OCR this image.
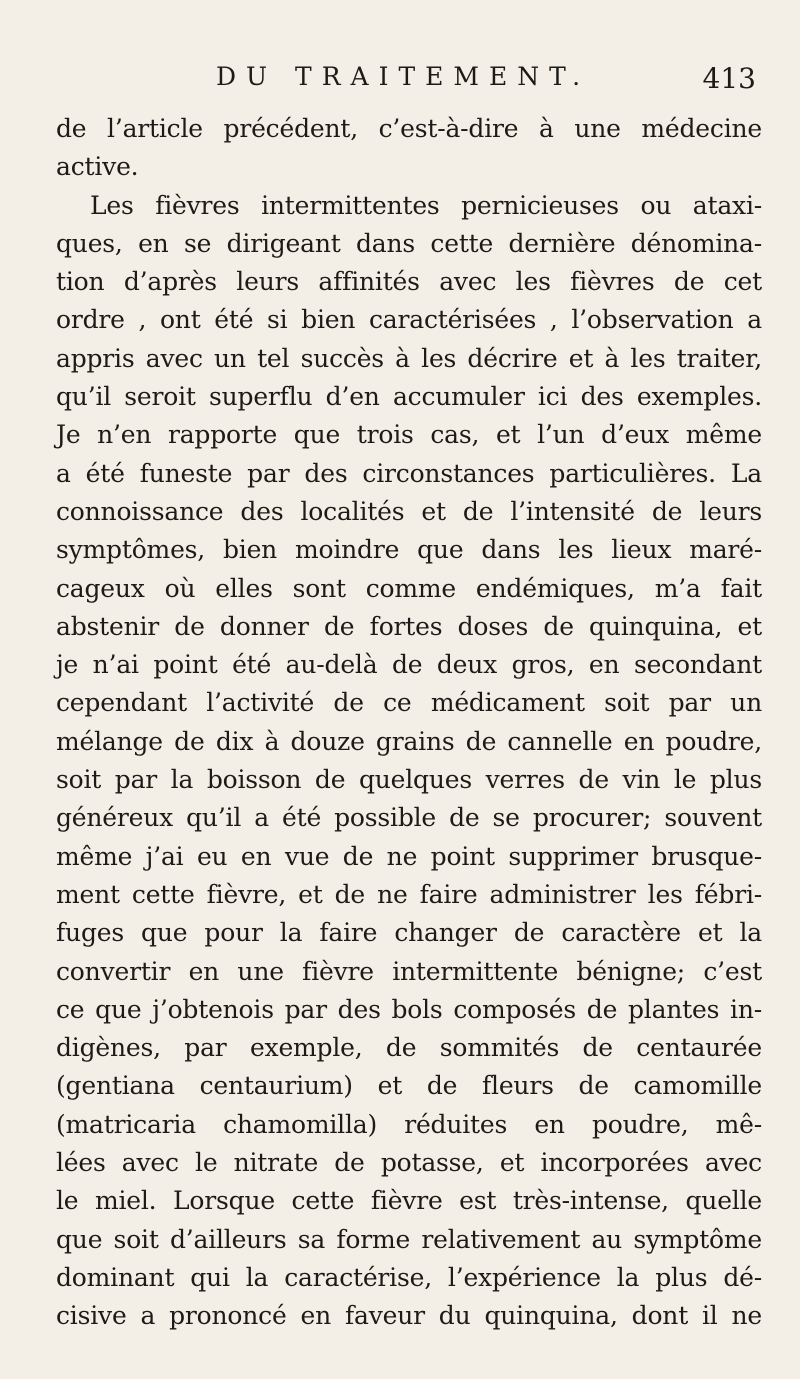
DU TRAITEMENT.	413
de l’article précédent, c’est-à-dire à une médecine
active.
Les fièvres intermittentes pernicieuses ou ataxi-
ques, en se dirigeant dans cette dernière dénomina-
tion d’après leurs affinités avec les fièvres de cet
ordre , ont été si bien caractérisées , l’observation a
appris avec un tel succès à les décrire et à les traiter,
qu’il seroit superflu d’en accumuler ici des exemples.
Je n’en rapporte que trois cas, et l’un d’eux même
a été funeste par des circonstances particulières. La
connoissance des localités et de l’intensité de leurs
symptômes, bien moindre que dans les lieux maré-
cageux où elles sont comme endémiques, m’a fait
abstenir de donner de fortes doses de quinquina, et
je n’ai point été au-delà de deux gros, en secondant
cependant l’activité de ce médicament soit par un
mélange de dix à douze grains de cannelle en poudre,
soit par la boisson de quelques verres de vin le plus
généreux qu’il a été possible de se procurer; souvent
même j’ai eu en vue de ne point supprimer brusque-
ment cette fièvre, et de ne faire administrer les fébri-
fuges que pour la faire changer de caractère et la
convertir en une fièvre intermittente bénigne; c’est
ce que j’obtenois par des bols composés de plantes in-
digènes, par exemple, de sommités de centaurée
(gentiana centaurium) et de fleurs de camomille
(matricaria chamomilla) réduites en poudre, mê-
lées avec le nitrate de potasse, et incorporées avec
le miel. Lorsque cette fièvre est très-intense, quelle
que soit d’ailleurs sa forme relativement au symptôme
dominant qui la caractérise, l’expérience la plus dé-
cisive a prononcé en faveur du quinquina, dont il ne
